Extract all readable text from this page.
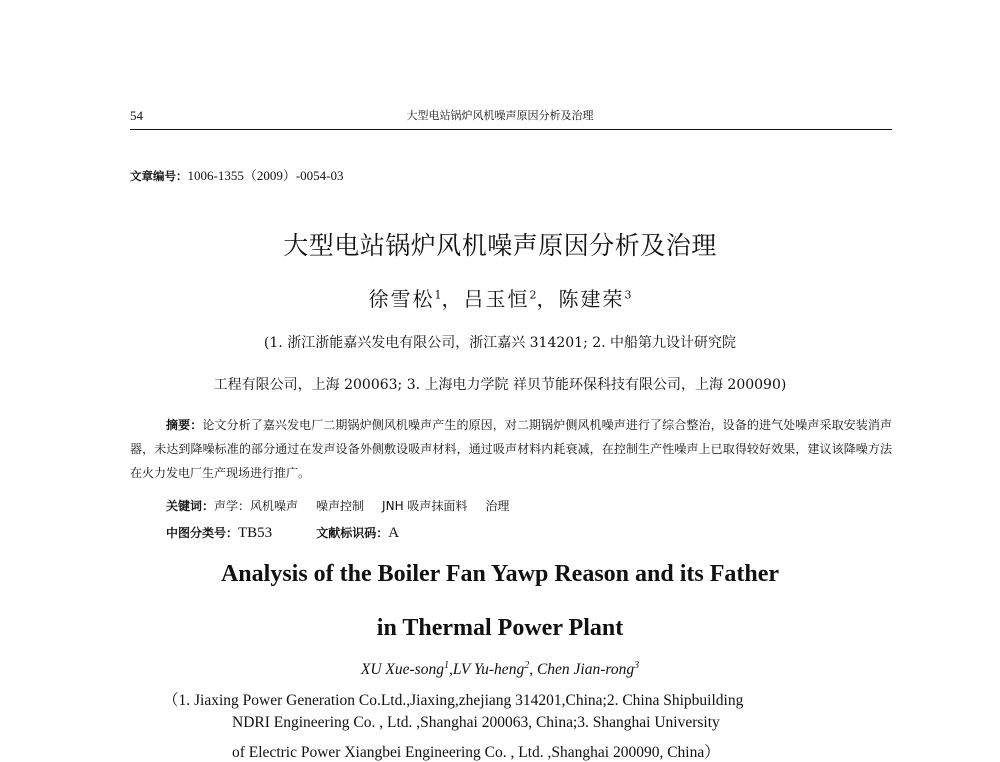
54	大型电站锅炉风机噪声原因分析及治理
文章编号：1006-1355（2009）-0054-03
大型电站锅炉风机噪声原因分析及治理
徐雪松$^1$，吕玉恒$^2$，陈建荣$^3$
(1. 浙江浙能嘉兴发电有限公司，浙江嘉兴 314201; 2. 中船第九设计研究院
工程有限公司，上海 200063; 3. 上海电力学院 祥贝节能环保科技有限公司，上海 200090)
摘要：论文分析了嘉兴发电厂二期锅炉侧风机噪声产生的原因，对二期锅炉侧风机噪声进行了综合整治，设备的进气处噪声采取安装消声器，未达到降噪标准的部分通过在发声设备外侧敷设吸声材料，通过吸声材料内耗衰减，在控制生产性噪声上已取得较好效果，建议该降噪方法在火力发电厂生产现场进行推广。
关键词：声学：风机噪声 噪声控制 JNH 吸声抹面料 治理
中图分类号：TB53	文献标识码：A
Analysis of the Boiler Fan Yawp Reason and its Father
in Thermal Power Plant
XU Xue-song$^1$,LV Yu-heng$^2$, Chen Jian-rong$^3$
（1. Jiaxing Power Generation Co.Ltd.,Jiaxing,zhejiang 314201,China;2. China Shipbuilding
NDRI Engineering Co. , Ltd. ,Shanghai 200063, China;3. Shanghai University
of Electric Power Xiangbei Engineering Co. , Ltd. ,Shanghai 200090, China）
